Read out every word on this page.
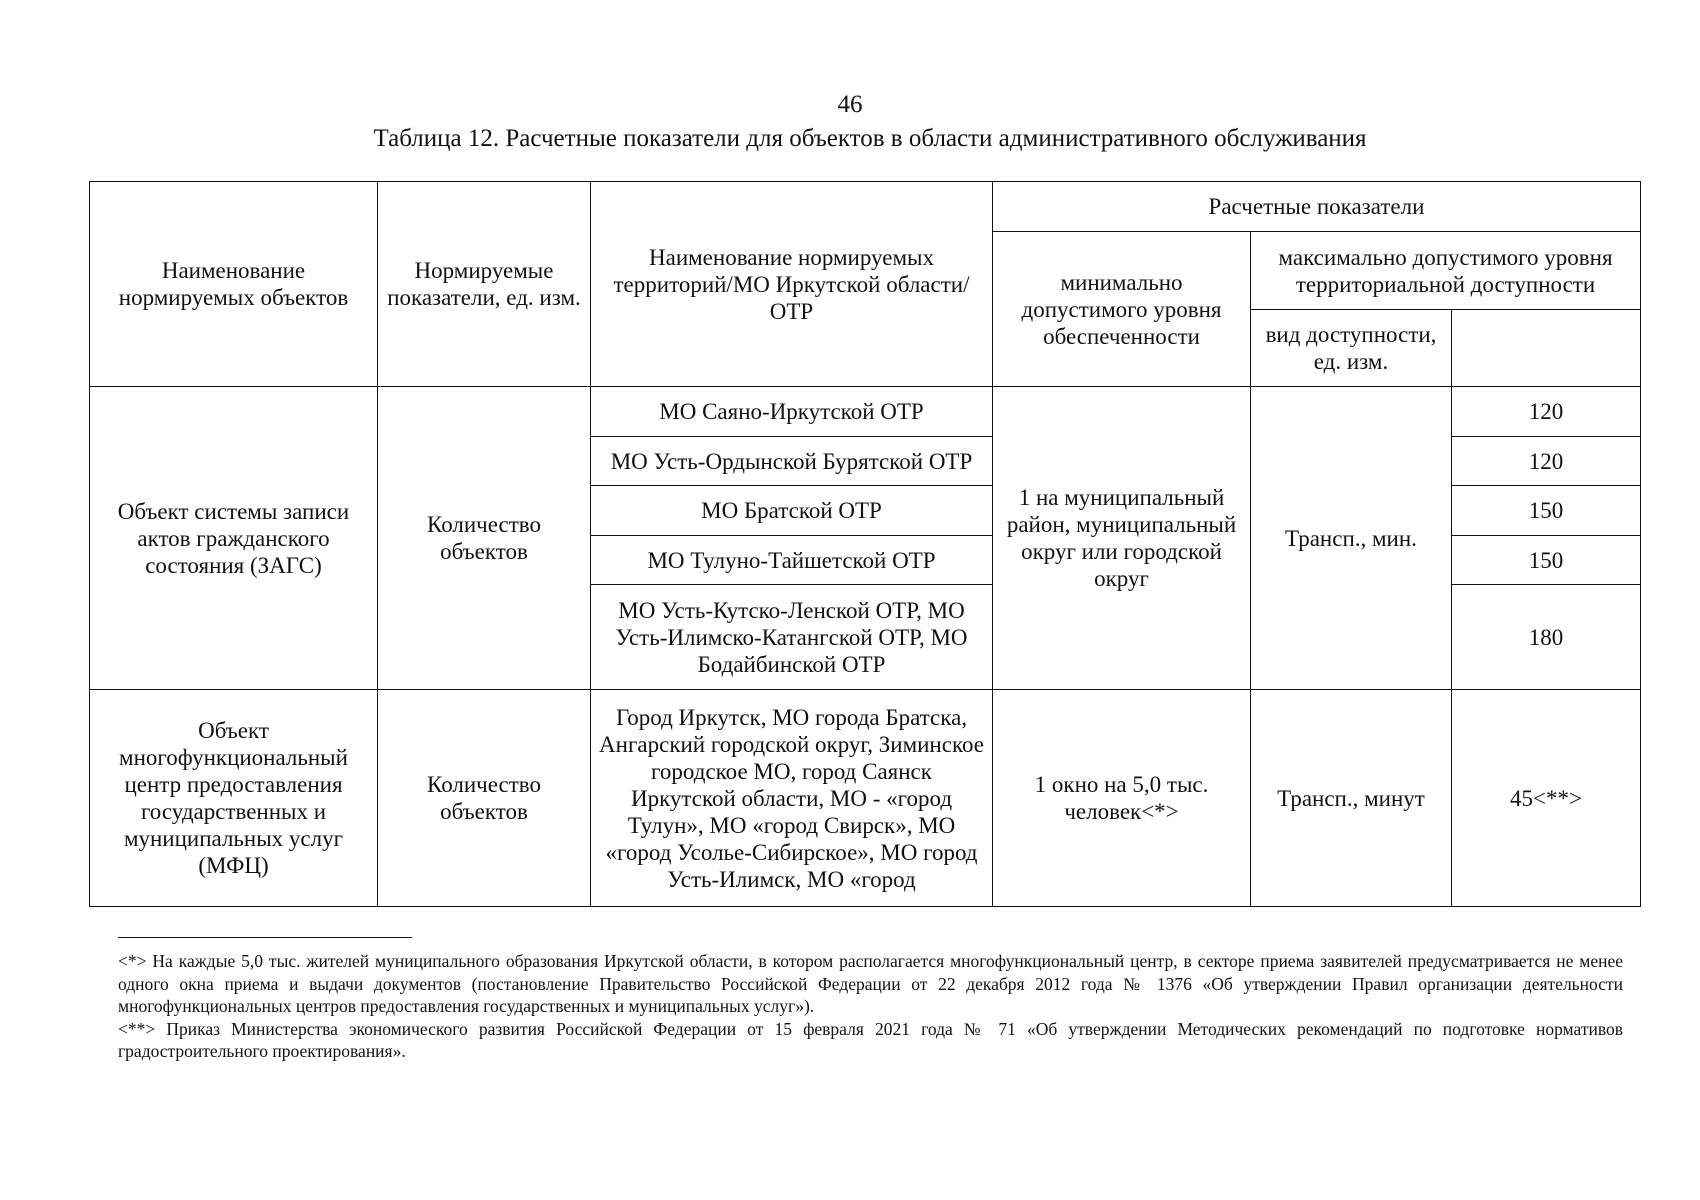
46
Таблица 12. Расчетные показатели для объектов в области административного обслуживания
Наименование нормируемых объектов	Нормируемые показатели, ед. изм.	Наименование нормируемых территорий/МО Иркутской области/ОТР	Расчетные показатели		
			минимально допустимого уровня обеспеченности	максимально допустимого уровня территориальной доступности	
				вид доступности, ед. изм.	
Объект системы записи актов гражданского состояния (ЗАГС)	Количество объектов	МО Саяно-Иркутской ОТР	1 на муниципальный район, муниципальный округ или городской округ	Трансп., мин.	120
		МО Усть-Ордынской Бурятской ОТР			120
		МО Братской ОТР			150
		МО Тулуно-Тайшетской ОТР			150
		МО Усть-Кутско-Ленской ОТР, МО Усть-Илимско-Катангской ОТР, МО Бодайбинской ОТР			180
Объект многофункциональный центр предоставления государственных и муниципальных услуг (МФЦ)	Количество объектов	Город Иркутск, МО города Братска, Ангарский городской округ, Зиминское городское МО, город Саянск Иркутской области, МО - «город Тулун», МО «город Свирск», МО «город Усолье-Сибирское», МО город Усть-Илимск, МО «город	1 окно на 5,0 тыс. человек<*>	Трансп., минут	45<**>

<*> На каждые 5,0 тыс. жителей муниципального образования Иркутской области, в котором располагается многофункциональный центр, в секторе приема заявителей предусматривается не менее одного окна приема и выдачи документов (постановление Правительство Российской Федерации от 22 декабря 2012 года № 1376 «Об утверждении Правил организации деятельности многофункциональных центров предоставления государственных и муниципальных услуг»).

<**> Приказ Министерства экономического развития Российской Федерации от 15 февраля 2021 года № 71 «Об утверждении Методических рекомендаций по подготовке нормативов градостроительного проектирования».
